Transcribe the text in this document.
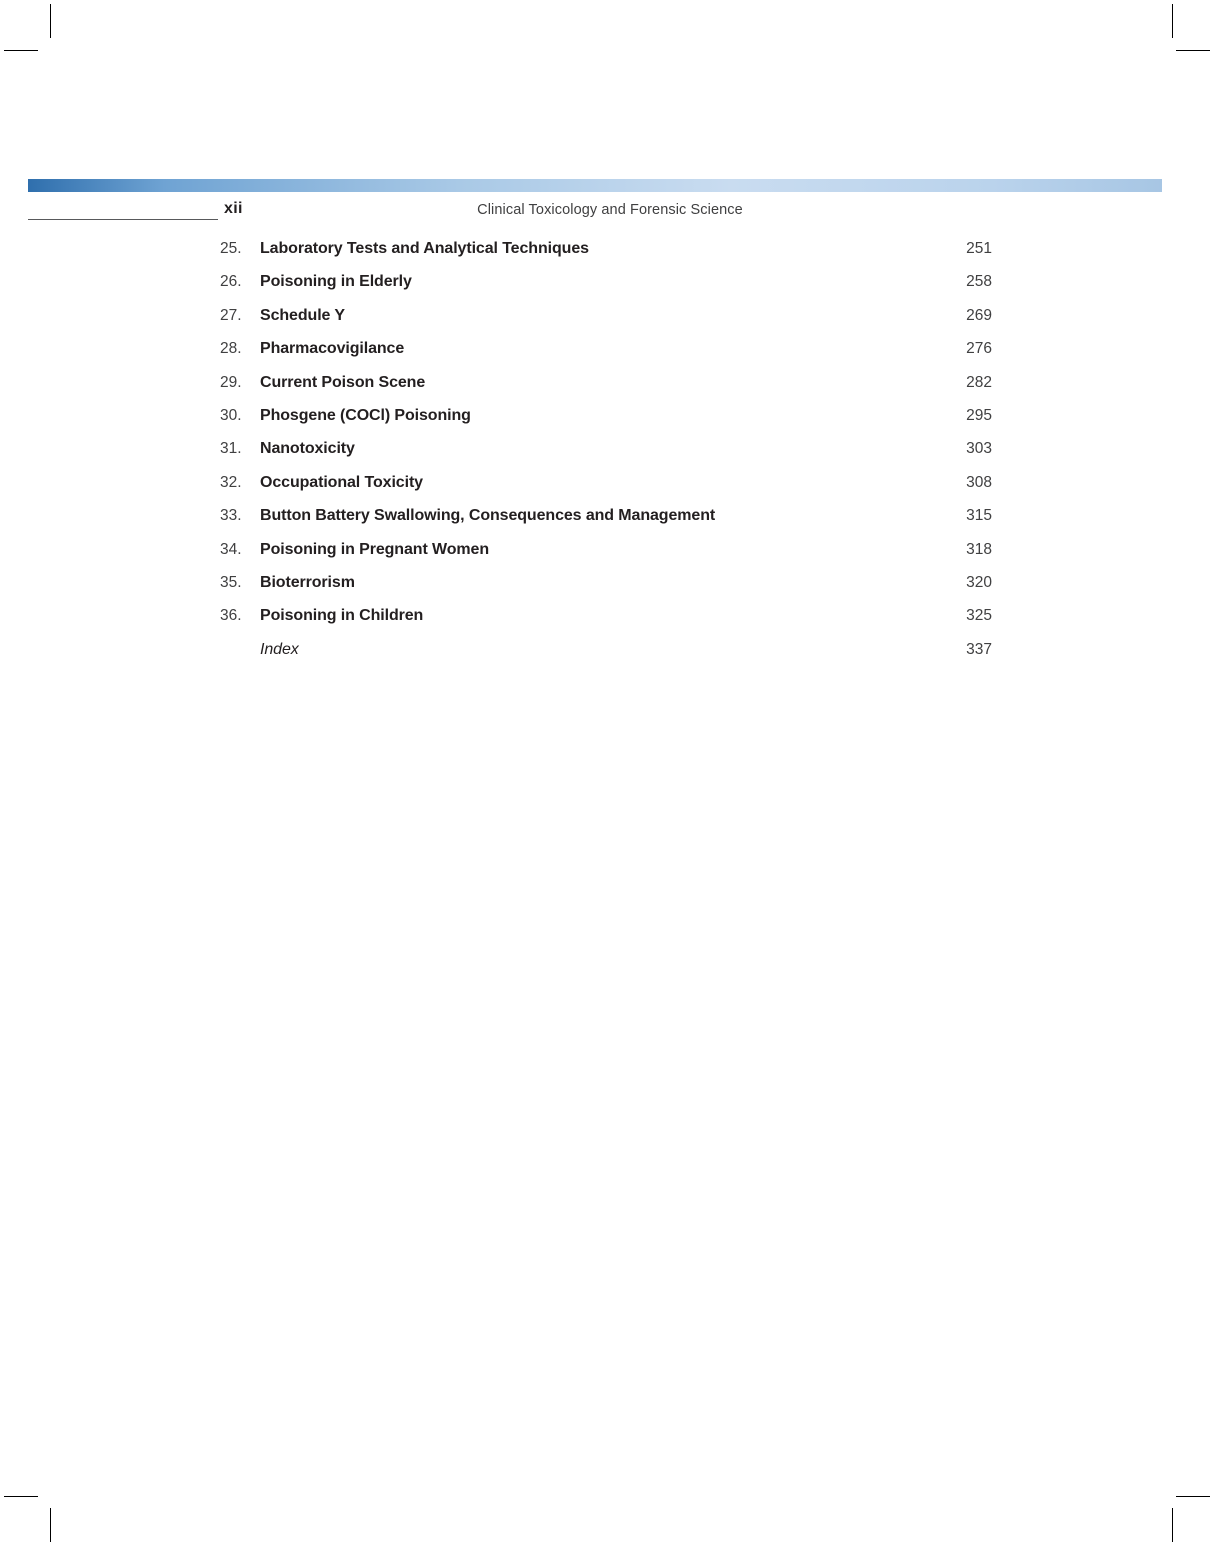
xii	Clinical Toxicology and Forensic Science
25.	Laboratory Tests and Analytical Techniques	251
26.	Poisoning in Elderly	258
27.	Schedule Y	269
28.	Pharmacovigilance	276
29.	Current Poison Scene	282
30.	Phosgene (COCl) Poisoning	295
31.	Nanotoxicity	303
32.	Occupational Toxicity	308
33.	Button Battery Swallowing, Consequences and Management	315
34.	Poisoning in Pregnant Women	318
35.	Bioterrorism	320
36.	Poisoning in Children	325
Index	337
